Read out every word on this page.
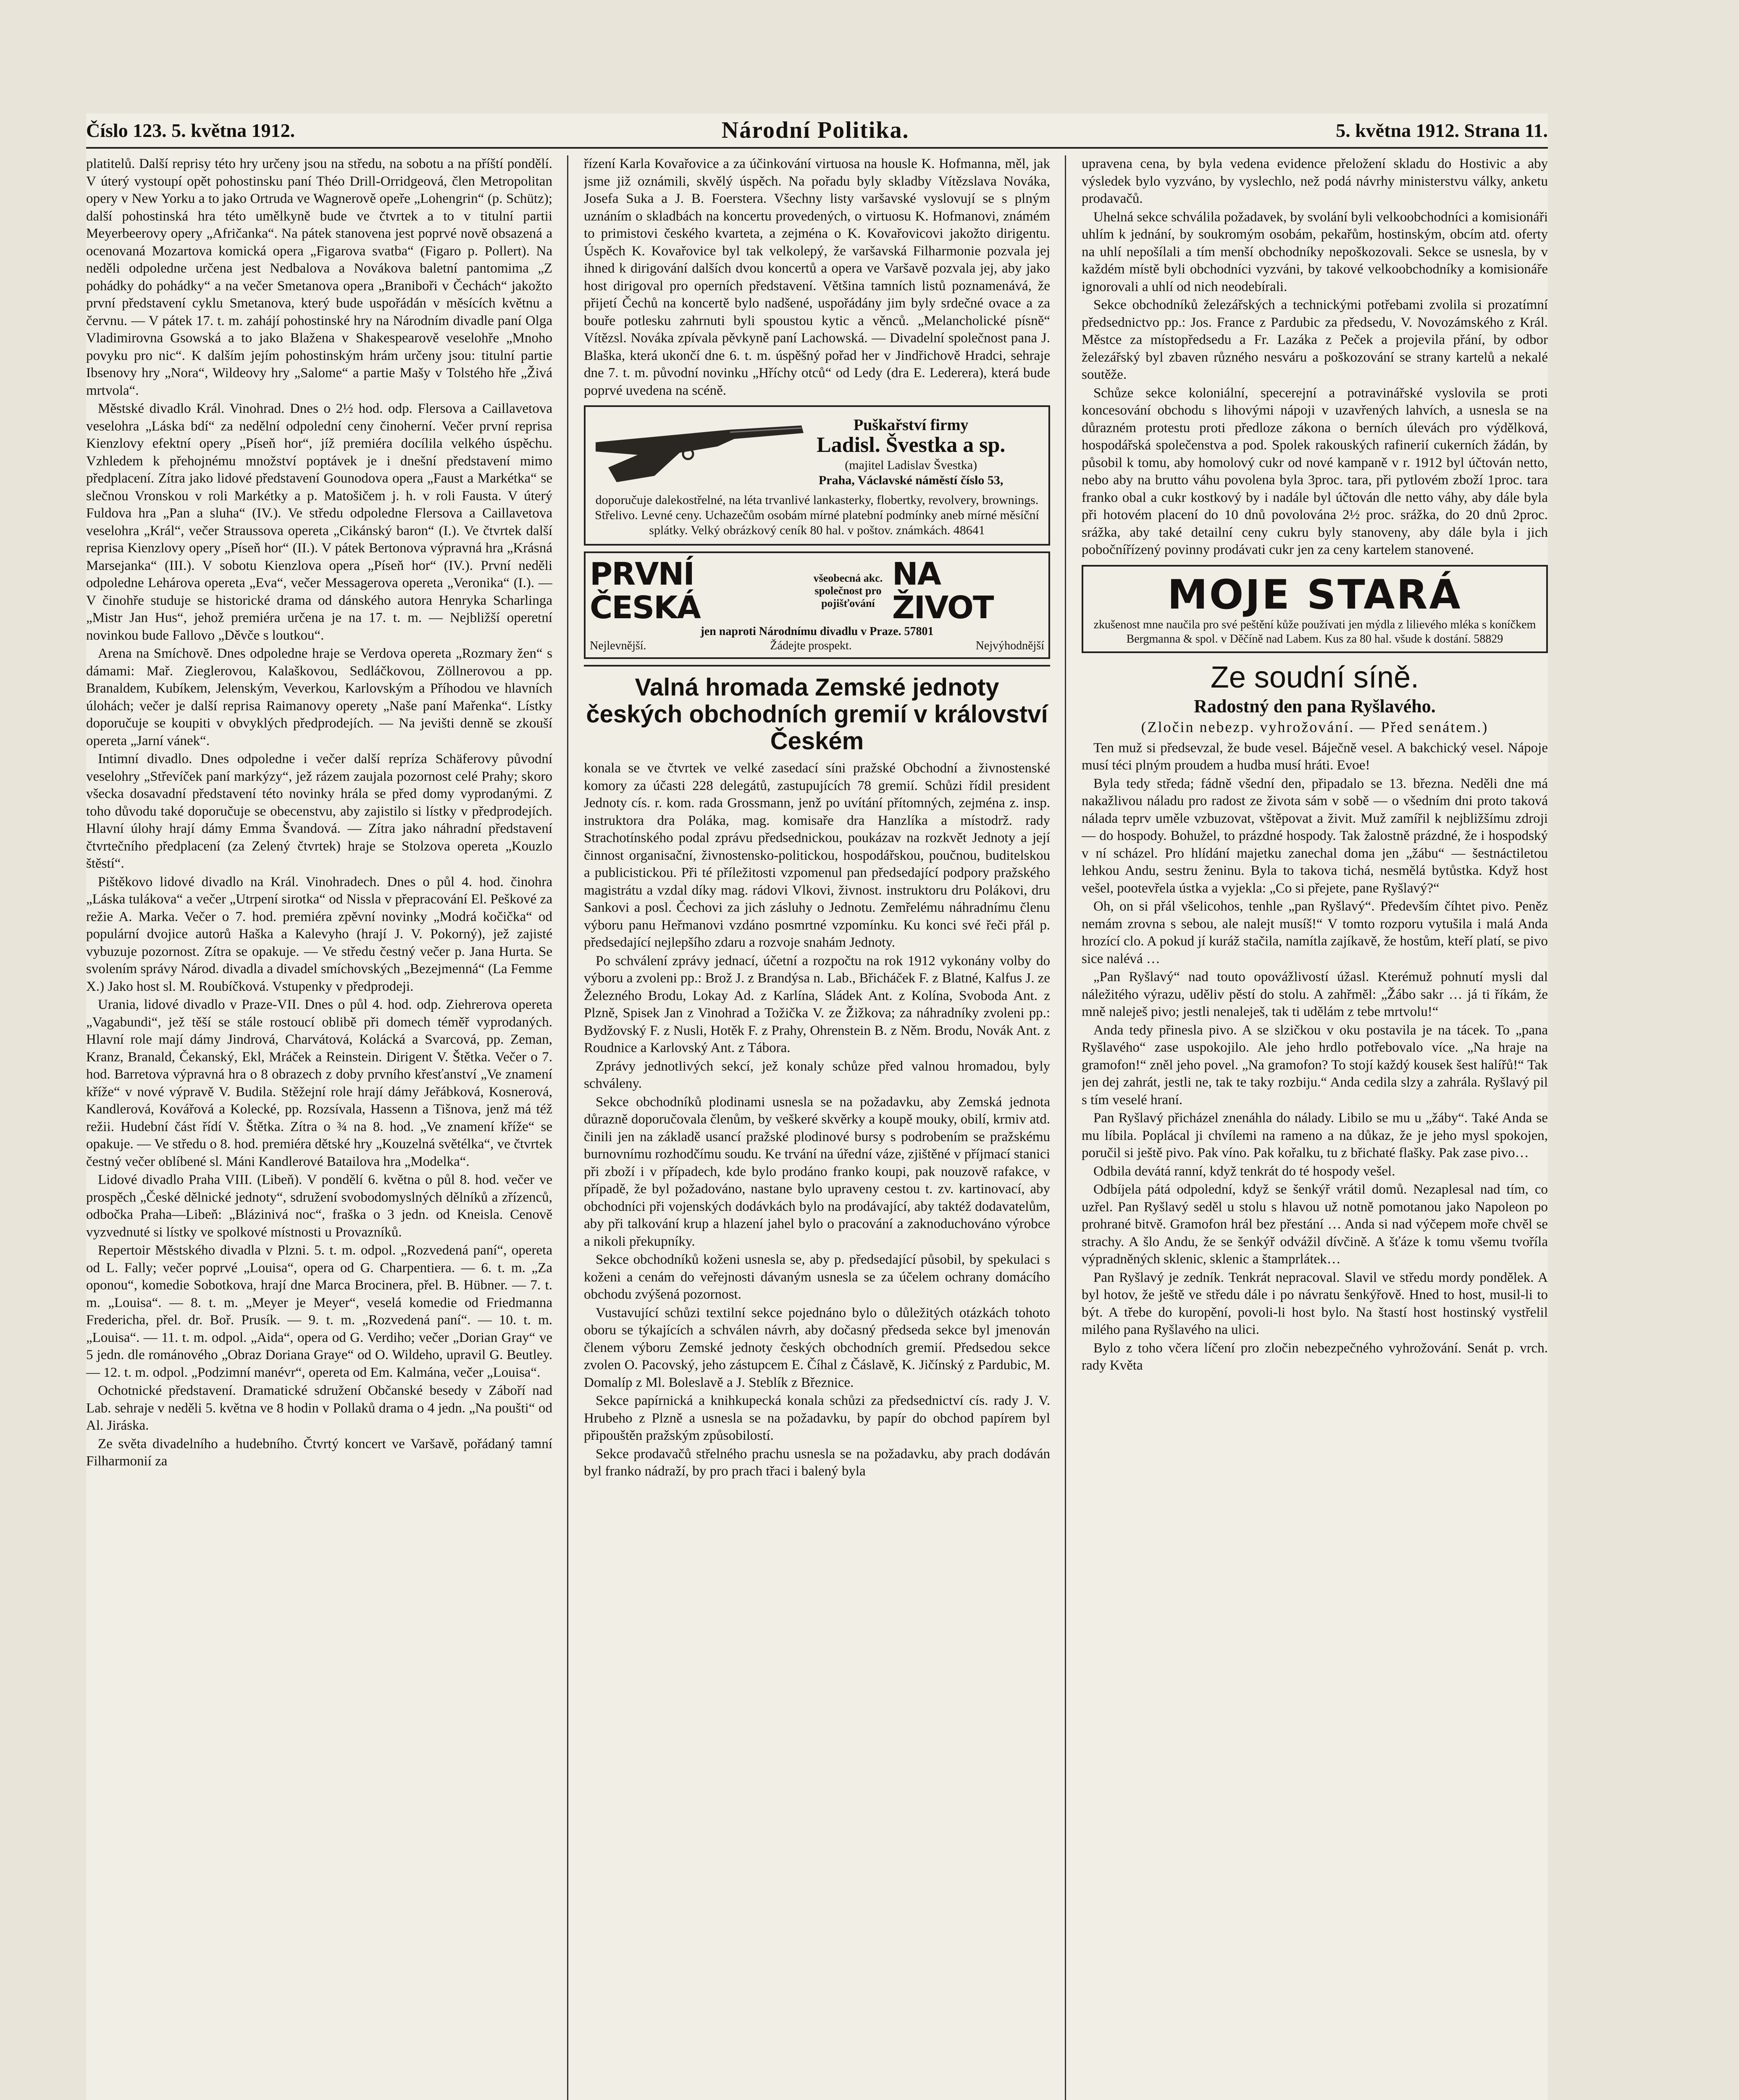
Číslo 123. 5. května 1912.	Národní Politika.	5. května 1912. Strana 11.

platitelů. Další reprisy této hry určeny jsou na středu, na sobotu a na příští pondělí. V úterý vystoupí opět pohostinsku paní Théo Drill-Orridgeová, člen Metropolitan opery v New Yorku a to jako Ortruda ve Wagnerově opeře „Lohengrin“ (p. Schütz); další pohostinská hra této umělkyně bude ve čtvrtek a to v titulní partii Meyerbeerovy opery „Afričanka“. Na pátek stanovena jest poprvé nově obsazená a ocenovaná Mozartova komická opera „Figarova svatba“ (Figaro p. Pollert). Na neděli odpoledne určena jest Nedbalova a Novákova baletní pantomima „Z pohádky do pohádky“ a na večer Smetanova opera „Braniboři v Čechách“ jakožto první představení cyklu Smetanova, který bude uspořádán v měsících květnu a červnu. — V pátek 17. t. m. zahájí pohostinské hry na Národním divadle paní Olga Vladimirovna Gsowská a to jako Blažena v Shakespearově veselohře „Mnoho povyku pro nic“. K dalším jejím pohostinským hrám určeny jsou: titulní partie Ibsenovy hry „Nora“, Wildeovy hry „Salome“ a partie Mašy v Tolstého hře „Živá mrtvola“.

Městské divadlo Král. Vinohrad. Dnes o 2½ hod. odp. Flersova a Caillavetova veselohra „Láska bdí“ za nedělní odpolední ceny činoherní. Večer první reprisa Kienzlovy efektní opery „Píseň hor“, jíž premiéra docílila velkého úspěchu. Vzhledem k přehojnému množství poptávek je i dnešní představení mimo předplacení. Zítra jako lidové představení Gounodova opera „Faust a Markétka“ se slečnou Vronskou v roli Markétky a p. Matošičem j. h. v roli Fausta. V úterý Fuldova hra „Pan a sluha“ (IV.). Ve středu odpoledne Flersova a Caillavetova veselohra „Král“, večer Straussova opereta „Cikánský baron“ (I.). Ve čtvrtek další reprisa Kienzlovy opery „Píseň hor“ (II.). V pátek Bertonova výpravná hra „Krásná Marsejanka“ (III.). V sobotu Kienzlova opera „Píseň hor“ (IV.). První neděli odpoledne Lehárova opereta „Eva“, večer Messagerova opereta „Veronika“ (I.). — V činohře studuje se historické drama od dánského autora Henryka Scharlinga „Mistr Jan Hus“, jehož premiéra určena je na 17. t. m. — Nejbližší operetní novinkou bude Fallovo „Děvče s loutkou“.

Arena na Smíchově. Dnes odpoledne hraje se Verdova opereta „Rozmary žen“ s dámami: Mař. Zieglerovou, Kalaškovou, Sedláčkovou, Zöllnerovou a pp. Branaldem, Kubíkem, Jelenským, Veverkou, Karlovským a Příhodou ve hlavních úlohách; večer je další reprisa Raimanovy operety „Naše paní Mařenka“. Lístky doporučuje se koupiti v obvyklých předprodejích. — Na jevišti denně se zkouší opereta „Jarní vánek“.

Intimní divadlo. Dnes odpoledne i večer další repríza Schäferovy původní veselohry „Střevíček paní markýzy“, jež rázem zaujala pozornost celé Prahy; skoro všecka dosavadní představení této novinky hrála se před domy vyprodanými. Z toho důvodu také doporučuje se obecenstvu, aby zajistilo si lístky v předprodejích. Hlavní úlohy hrají dámy Emma Švandová. — Zítra jako náhradní představení čtvrtečního předplacení (za Zelený čtvrtek) hraje se Stolzova opereta „Kouzlo štěstí“.

Pištěkovo lidové divadlo na Král. Vinohradech. Dnes o půl 4. hod. činohra „Láska tulákova“ a večer „Utrpení sirotka“ od Nissla v přepracování El. Peškové za režie A. Marka. Večer o 7. hod. premiéra zpěvní novinky „Modrá kočička“ od populární dvojice autorů Haška a Kalevyho (hrají J. V. Pokorný), jež zajisté vybuzuje pozornost. Zítra se opakuje. — Ve středu čestný večer p. Jana Hurta. Se svolením správy Národ. divadla a divadel smíchovských „Bezejmenná“ (La Femme X.) Jako host sl. M. Roubíčková. Vstupenky v předprodeji.

Urania, lidové divadlo v Praze-VII. Dnes o půl 4. hod. odp. Ziehrerova opereta „Vagabundi“, jež těší se stále rostoucí oblibě při domech téměř vyprodaných. Hlavní role mají dámy Jindrová, Charvátová, Kolácká a Svarcová, pp. Zeman, Kranz, Branald, Čekanský, Ekl, Mráček a Reinstein. Dirigent V. Štětka. Večer o 7. hod. Barretova výpravná hra o 8 obrazech z doby prvního křesťanství „Ve znamení kříže“ v nové výpravě V. Budila. Stěžejní role hrají dámy Jeřábková, Kosnerová, Kandlerová, Kovářová a Kolecké, pp. Rozsívala, Hassenn a Tišnova, jenž má též režii. Hudební část řídí V. Štětka. Zítra o ¾ na 8. hod. „Ve znamení kříže“ se opakuje. — Ve středu o 8. hod. premiéra dětské hry „Kouzelná světélka“, ve čtvrtek čestný večer oblíbené sl. Máni Kandlerové Batailova hra „Modelka“.

Lidové divadlo Praha VIII. (Libeň). V pondělí 6. května o půl 8. hod. večer ve prospěch „České dělnické jednoty“, sdružení svobodomyslných dělníků a zřízenců, odbočka Praha—Libeň: „Blázinivá noc“, fraška o 3 jedn. od Kneisla. Cenově vyzvednuté si lístky ve spolkové místnosti u Provazníků.

Repertoir Městského divadla v Plzni. 5. t. m. odpol. „Rozvedená paní“, opereta od L. Fally; večer poprvé „Louisa“, opera od G. Charpentiera. — 6. t. m. „Za oponou“, komedie Sobotkova, hrají dne Marca Brocinera, přel. B. Hübner. — 7. t. m. „Louisa“. — 8. t. m. „Meyer je Meyer“, veselá komedie od Friedmanna Fredericha, přel. dr. Boř. Prusík. — 9. t. m. „Rozvedená paní“. — 10. t. m. „Louisa“. — 11. t. m. odpol. „Aida“, opera od G. Verdiho; večer „Dorian Gray“ ve 5 jedn. dle románového „Obraz Doriana Graye“ od O. Wildeho, upravil G. Beutley. — 12. t. m. odpol. „Podzimní manévr“, opereta od Em. Kalmána, večer „Louisa“.

Ochotnické představení. Dramatické sdružení Občanské besedy v Záboří nad Lab. sehraje v neděli 5. května ve 8 hodin v Pollaků drama o 4 jedn. „Na poušti“ od Al. Jiráska.

Ze světa divadelního a hudebního. Čtvrtý koncert ve Varšavě, pořádaný tamní Filharmonií za

řízení Karla Kovařovice a za účinkování virtuosa na housle K. Hofmanna, měl, jak jsme již oznámili, skvělý úspěch. Na pořadu byly skladby Vítězslava Nováka, Josefa Suka a J. B. Foerstera. Všechny listy varšavské vyslovují se s plným uznáním o skladbách na koncertu provedených, o virtuosu K. Hofmanovi, známém to primistovi českého kvarteta, a zejména o K. Kovařovicovi jakožto dirigentu. Úspěch K. Kovařovice byl tak velkolepý, že varšavská Filharmonie pozvala jej ihned k dirigování dalších dvou koncertů a opera ve Varšavě pozvala jej, aby jako host dirigoval pro operních představení. Většina tamních listů poznamenává, že přijetí Čechů na koncertě bylo nadšené, uspořádány jim byly srdečné ovace a za bouře potlesku zahrnuti byli spoustou kytic a věnců. „Melancholické písně“ Vítězsl. Nováka zpívala pěvkyně paní Lachowská. — Divadelní společnost pana J. Blaška, která ukončí dne 6. t. m. úspěšný pořad her v Jindřichově Hradci, sehraje dne 7. t. m. původní novinku „Hříchy otců“ od Ledy (dra E. Lederera), která bude poprvé uvedena na scéně.

Puškařství firmy
Ladisl. Švestka a sp.
(majitel Ladislav Švestka)
Praha, Václavské náměstí číslo 53,
doporučuje dalekostřelné, na léta trvanlivé lankasterky, flobertky, revolvery, brownings. Střelivo. Levné ceny. Uchazečům osobám mírné platební podmínky aneb mírné měsíční splátky. Velký obrázkový ceník 80 hal. v poštov. známkách. 48641
PRVNÍ ČESKÁ
všeobecná akc. společnost pro pojišťování
NA ŽIVOT
jen naproti Národnímu divadlu v Praze. 57801
Nejlevnější.	Žádejte prospekt.	Nejvýhodnější
Valná hromada Zemské jednoty českých obchodních gremií v království Českém

konala se ve čtvrtek ve velké zasedací síni pražské Obchodní a živnostenské komory za účasti 228 delegátů, zastupujících 78 gremií. Schůzi řídil president Jednoty cís. r. kom. rada Grossmann, jenž po uvítání přítomných, zejména z. insp. instruktora dra Poláka, mag. komisaře dra Hanzlíka a místodrž. rady Strachotínského podal zprávu předsednickou, poukázav na rozkvět Jednoty a její činnost organisační, živnostensko-politickou, hospodářskou, poučnou, buditelskou a publicistickou. Při té příležitosti vzpomenul pan předsedající podpory pražského magistrátu a vzdal díky mag. rádovi Vlkovi, živnost. instruktoru dru Polákovi, dru Sankovi a posl. Čechovi za jich zásluhy o Jednotu. Zemřelému náhradnímu členu výboru panu Heřmanovi vzdáno posmrtné vzpomínku. Ku konci své řeči přál p. předsedající nejlepšího zdaru a rozvoje snahám Jednoty.

Po schválení zprávy jednací, účetní a rozpočtu na rok 1912 vykonány volby do výboru a zvoleni pp.: Brož J. z Brandýsa n. Lab., Břicháček F. z Blatné, Kalfus J. ze Železného Brodu, Lokay Ad. z Karlína, Sládek Ant. z Kolína, Svoboda Ant. z Plzně, Spisek Jan z Vinohrad a Tožička V. ze Žižkova; za náhradníky zvoleni pp.: Bydžovský F. z Nusli, Hotěk F. z Prahy, Ohrenstein B. z Něm. Brodu, Novák Ant. z Roudnice a Karlovský Ant. z Tábora.

Zprávy jednotlivých sekcí, jež konaly schůze před valnou hromadou, byly schváleny.

Sekce obchodníků plodinami usnesla se na požadavku, aby Zemská jednota důrazně doporučovala členům, by veškeré skvěrky a koupě mouky, obilí, krmiv atd. činili jen na základě usancí pražské plodinové bursy s podrobením se pražskému burnovnímu rozhodčímu soudu. Ke trvání na úřední váze, zjištěné v příjmací stanici při zboží i v případech, kde bylo prodáno franko koupi, pak nouzově rafakce, v případě, že byl požadováno, nastane bylo upraveny cestou t. zv. kartinovací, aby obchodníci při vojenských dodávkách bylo na prodávající, aby taktéž dodavatelům, aby při talkování krup a hlazení jahel bylo o pracování a zaknoduchováno výrobce a nikoli překupníky.

Sekce obchodníků koženi usnesla se, aby p. předsedající působil, by spekulaci s koženi a cenám do veřejnosti dávaným usnesla se za účelem ochrany domácího obchodu zvýšená pozornost.

Vustavující schůzi textilní sekce pojednáno bylo o důležitých otázkách tohoto oboru se týkajících a schválen návrh, aby dočasný předseda sekce byl jmenován členem výboru Zemské jednoty českých obchodních gremií. Předsedou sekce zvolen O. Pacovský, jeho zástupcem E. Číhal z Čáslavě, K. Jičínský z Pardubic, M. Domalíp z Ml. Boleslavě a J. Steblík z Březnice.

Sekce papírnická a knihkupecká konala schůzi za předsednictví cís. rady J. V. Hrubeho z Plzně a usnesla se na požadavku, by papír do obchod papírem byl připouštěn pražským způsobilostí.

Sekce prodavačů střelného prachu usnesla se na požadavku, aby prach dodáván byl franko nádraží, by pro prach třaci i balený byla

upravena cena, by byla vedena evidence přeložení skladu do Hostivic a aby výsledek bylo vyzváno, by vyslechlo, než podá návrhy ministerstvu války, anketu prodavačů.

Uhelná sekce schválila požadavek, by svolání byli velkoobchodníci a komisionáři uhlím k jednání, by soukromým osobám, pekařům, hostinským, obcím atd. oferty na uhlí nepošílali a tím menší obchodníky nepoškozovali. Sekce se usnesla, by v každém místě byli obchodníci vyzváni, by takové velkoobchodníky a komisionáře ignorovali a uhlí od nich neodebírali.

Sekce obchodníků železářských a technickými potřebami zvolila si prozatímní předsednictvo pp.: Jos. France z Pardubic za předsedu, V. Novozámského z Král. Městce za místopředsedu a Fr. Lazáka z Peček a projevila přání, by odbor železářský byl zbaven různého nesváru a poškozování se strany kartelů a nekalé soutěže.

Schůze sekce koloniální, specerejní a potravinářské vyslovila se proti koncesování obchodu s lihovými nápoji v uzavřených lahvích, a usnesla se na důrazném protestu proti předloze zákona o berních úlevách pro výdělková, hospodářská společenstva a pod. Spolek rakouských rafinerií cukerních žádán, by působil k tomu, aby homolový cukr od nové kampaně v r. 1912 byl účtován netto, nebo aby na brutto váhu povolena byla 3proc. tara, při pytlovém zboží 1proc. tara franko obal a cukr kostkový by i nadále byl účtován dle netto váhy, aby dále byla při hotovém placení do 10 dnů povolována 2½ proc. srážka, do 20 dnů 2proc. srážka, aby také detailní ceny cukru byly stanoveny, aby dále byla i jich pobočnířízený povinny prodávati cukr jen za ceny kartelem stanovené.

MOJE STARÁ
zkušenost mne naučila pro své peštění kůže používati jen mýdla z lilievého mléka s koníčkem Bergmanna & spol. v Děčíně nad Labem. Kus za 80 hal. všude k dostání. 58829
Ze soudní síně.
Radostný den pana Ryšlavého.
(Zločin nebezp. vyhrožování. — Před senátem.)

Ten muž si předsevzal, že bude vesel. Báječně vesel. A bakchický vesel. Nápoje musí téci plným proudem a hudba musí hráti. Evoe!

Byla tedy středa; fádně všední den, připadalo se 13. března. Neděli dne má nakažlivou náladu pro radost ze života sám v sobě — o všedním dni proto taková nálada teprv uměle vzbuzovat, vštěpovat a živit. Muž zamířil k nejbližšímu zdroji — do hospody. Bohužel, to prázdné hospody. Tak žalostně prázdné, že i hospodský v ní scházel. Pro hlídání majetku zanechal doma jen „žábu“ — šestnáctiletou lehkou Andu, sestru ženinu. Byla to takova tichá, nesmělá bytůstka. Když host vešel, pootevřela ústka a vyjekla: „Co si přejete, pane Ryšlavý?“

Oh, on si přál všelicohos, tenhle „pan Ryšlavý“. Především číhtet pivo. Peněz nemám zrovna s sebou, ale nalejt musíš!“ V tomto rozporu vytušila i malá Anda hrozící clo. A pokud jí kuráž stačila, namítla zajíkavě, že hostům, kteří platí, se pivo sice nalévá …

„Pan Ryšlavý“ nad touto opovážlivostí úžasl. Kterémuž pohnutí mysli dal náležitého výrazu, uděliv pěstí do stolu. A zahřměl: „Žábo sakr … já ti říkám, že mně naleješ pivo; jestli nenaleješ, tak ti udělám z tebe mrtvolu!“

Anda tedy přinesla pivo. A se slzičkou v oku postavila je na tácek. To „pana Ryšlavého“ zase uspokojilo. Ale jeho hrdlo potřebovalo více. „Na hraje na gramofon!“ zněl jeho povel. „Na gramofon? To stojí každý kousek šest halířů!“ Tak jen dej zahrát, jestli ne, tak te taky rozbiju.“ Anda cedila slzy a zahrála. Ryšlavý pil s tím veselé hraní.

Pan Ryšlavý přicházel znenáhla do nálady. Libilo se mu u „žáby“. Také Anda se mu líbila. Poplácal ji chvílemi na rameno a na důkaz, že je jeho mysl spokojen, poručil si ještě pivo. Pak víno. Pak kořalku, tu z břichaté flašky. Pak zase pivo…

Odbila devátá ranní, když tenkrát do té hospody vešel.

Odbíjela pátá odpolední, když se šenkýř vrátil domů. Nezaplesal nad tím, co uzřel. Pan Ryšlavý seděl u stolu s hlavou už notně pomotanou jako Napoleon po prohrané bitvě. Gramofon hrál bez přestání … Anda si nad výčepem moře chvěl se strachy. A šlo Andu, že se šenkýř odvážil dívčině. A šťáze k tomu všemu tvoříla výpradněných sklenic, sklenic a štamprlátek…

Pan Ryšlavý je zedník. Tenkrát nepracoval. Slavil ve středu mordy pondělek. A byl hotov, že ještě ve středu dále i po návratu šenkýřově. Hned to host, musil-li to být. A třebe do kuropění, povoli-li host bylo. Na štastí host hostinský vystřelil milého pana Ryšlavého na ulici.

Bylo z toho včera líčení pro zločin nebezpečného vyhrožování. Senát p. vrch. rady Květa
